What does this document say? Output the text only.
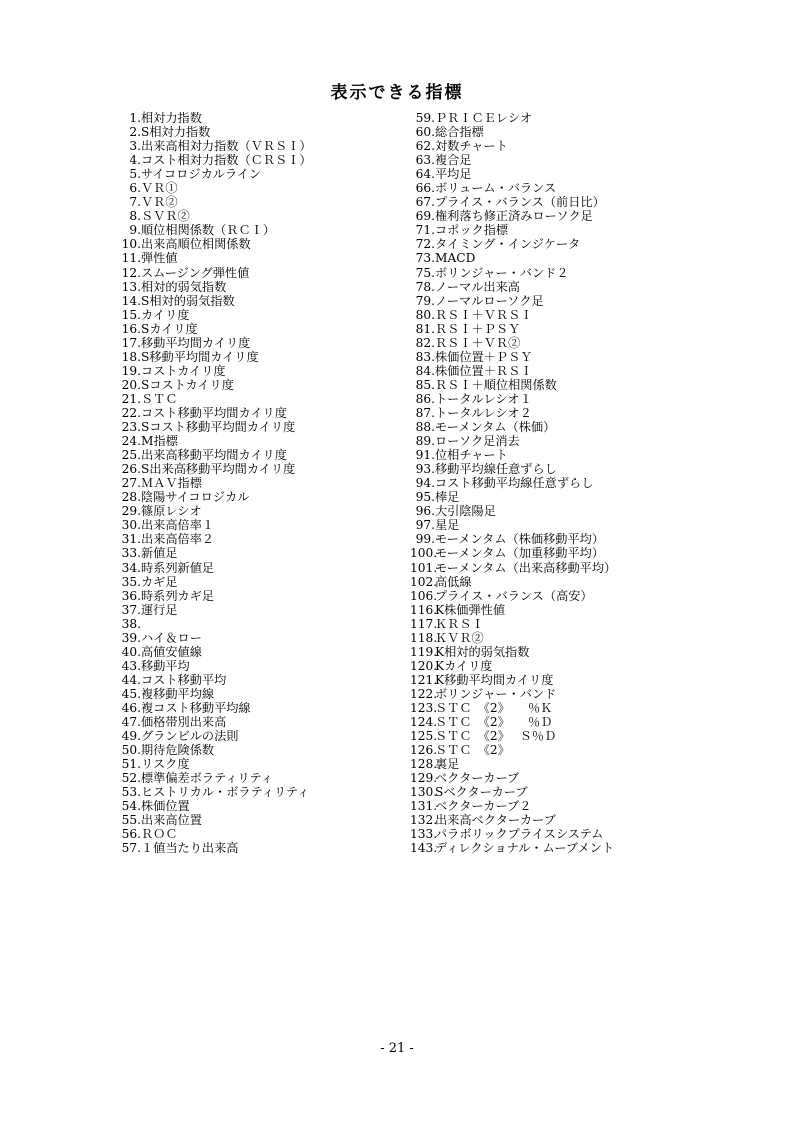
表示できる指標
1. 相対力指数
2. S相対力指数
3. 出来高相対力指数（ＶＲＳＩ）
4. コスト相対力指数（ＣＲＳＩ）
5. サイコロジカルライン
6. ＶＲ①
7. ＶＲ②
8. ＳＶＲ②
9. 順位相関係数（ＲＣＩ）
10. 出来高順位相関係数
11. 弾性値
12. スムージング弾性値
13. 相対的弱気指数
14. S相対的弱気指数
15. カイリ度
16. Sカイリ度
17. 移動平均間カイリ度
18. S移動平均間カイリ度
19. コストカイリ度
20. Sコストカイリ度
21. ＳＴＣ
22. コスト移動平均間カイリ度
23. Sコスト移動平均間カイリ度
24. M指標
25. 出来高移動平均間カイリ度
26. S出来高移動平均間カイリ度
27. ＭＡＶ指標
28. 陰陽サイコロジカル
29. 篠原レシオ
30. 出来高倍率１
31. 出来高倍率２
33. 新値足
34. 時系列新値足
35. カギ足
36. 時系列カギ足
37. 運行足
38.
39. ハイ＆ロー
40. 高値安値線
43. 移動平均
44. コスト移動平均
45. 複移動平均線
46. 複コスト移動平均線
47. 価格帯別出来高
49. グランビルの法則
50. 期待危険係数
51. リスク度
52. 標準偏差ボラティリティ
53. ヒストリカル・ボラティリティ
54. 株価位置
55. 出来高位置
56. ＲＯＣ
57. １値当たり出来高
59. ＰＲＩＣＥレシオ
60. 総合指標
62. 対数チャート
63. 複合足
64. 平均足
66. ボリューム・バランス
67. プライス・バランス（前日比）
69. 権利落ち修正済みローソク足
71. コポック指標
72. タイミング・インジケータ
73. MACD
75. ボリンジャー・バンド２
78. ノーマル出来高
79. ノーマルローソク足
80. ＲＳＩ＋ＶＲＳＩ
81. ＲＳＩ＋ＰＳＹ
82. ＲＳＩ＋ＶＲ②
83. 株価位置＋ＰＳＹ
84. 株価位置＋ＲＳＩ
85. ＲＳＩ＋順位相関係数
86. トータルレシオ１
87. トータルレシオ２
88. モーメンタム（株価）
89. ローソク足消去
91. 位相チャート
93. 移動平均線任意ずらし
94. コスト移動平均線任意ずらし
95. 棒足
96. 大引陰陽足
97. 星足
99. モーメンタム（株価移動平均）
100.
モーメンタム（加重移動平均）
101.
モーメンタム（出来高移動平均）
102.
高低線
106.
プライス・バランス（高安）
116.
K株価弾性値
117.
ＫＲＳＩ
118.
ＫＶＲ②
119.
K相対的弱気指数
120.
Kカイリ度
121.
K移動平均間カイリ度
122.
ボリンジャー・バンド
123.
ＳＴＣ　《2》　　％Ｋ
124.
ＳＴＣ　《2》　　％Ｄ
125.
ＳＴＣ　《2》　 Ｓ％Ｄ
126.
ＳＴＣ　《2》
128.
裏足
129.
ベクターカーブ
130.
Sベクターカーブ
131.
ベクターカーブ２
132.
出来高ベクターカーブ
133.
パラボリックプライスシステム
143.
ディレクショナル・ムーブメント
- 21 -
